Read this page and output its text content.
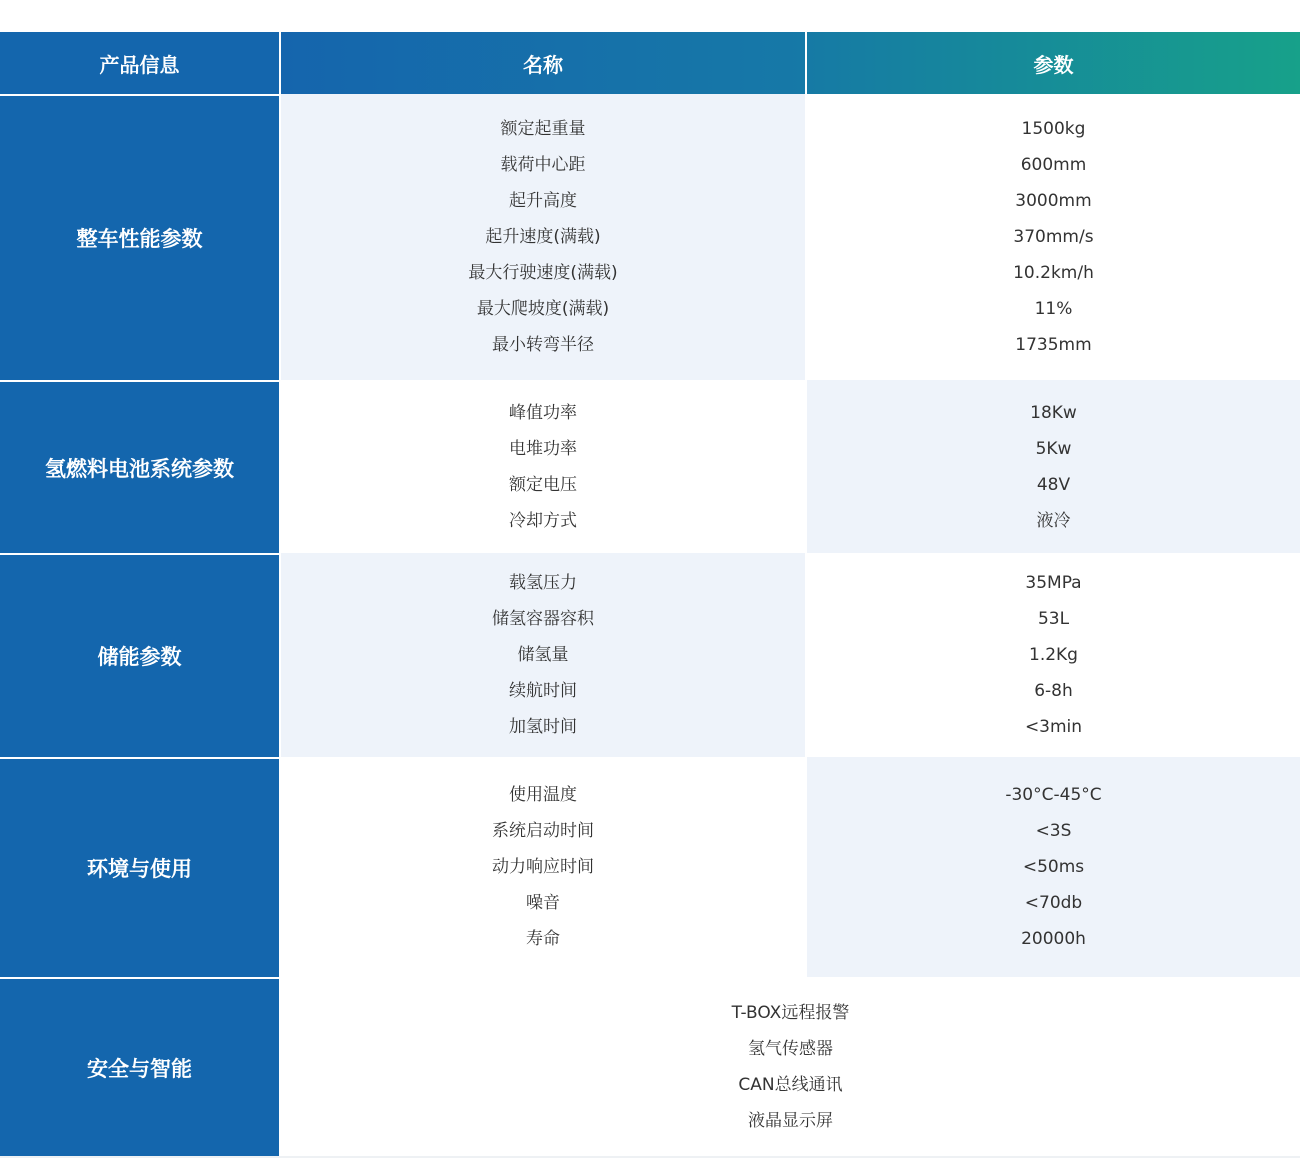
产品信息	名称	参数
整车性能参数
额定起重量
载荷中心距
起升高度
起升速度(满载)
最大行驶速度(满载)
最大爬坡度(满载)
最小转弯半径
1500kg
600mm
3000mm
370mm/s
10.2km/h
11%
1735mm
氢燃料电池系统参数
峰值功率
电堆功率
额定电压
冷却方式
18Kw
5Kw
48V
液冷
储能参数
载氢压力
储氢容器容积
储氢量
续航时间
加氢时间
35MPa
53L
1.2Kg
6-8h
<3min
环境与使用
使用温度
系统启动时间
动力响应时间
噪音
寿命
-30°C-45°C
<3S
<50ms
<70db
20000h
安全与智能
T-BOX远程报警
氢气传感器
CAN总线通讯
液晶显示屏
